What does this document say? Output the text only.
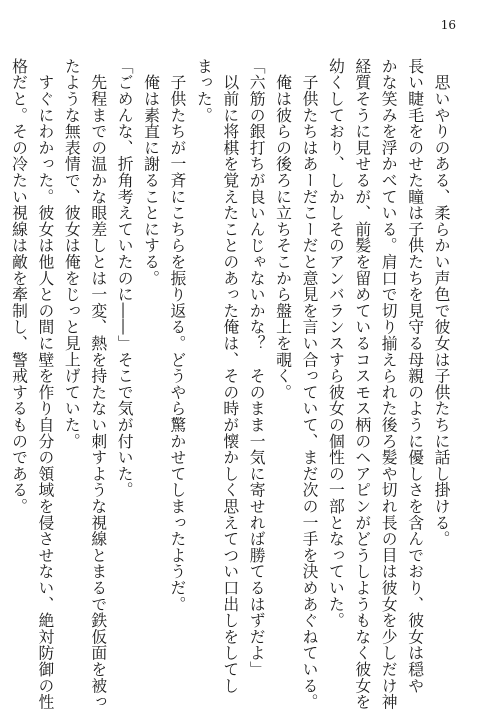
16
　思いやりのある、柔らかい声色で彼女は子供たちに話し掛ける。
長い睫毛をのせた瞳は子供たちを見守る母親のように優しさを含んでおり、彼女は穏や
かな笑みを浮かべている。肩口で切り揃えられた後ろ髪や切れ長の目は彼女を少しだけ神
経質そうに見せるが、前髪を留めているコスモス柄のヘアピンがどうしようもなく彼女を
幼くしており、しかしそのアンバランスすら彼女の個性の一部となっていた。
　子供たちはあーだこーだと意見を言い合っていて、まだ次の一手を決めあぐねている。
　俺は彼らの後ろに立ちそこから盤上を覗く。
「六筋の銀打ちが良いんじゃないかな？　そのまま一気に寄せれば勝てるはずだよ」
　以前に将棋を覚えたことのあった俺は、その時が懐かしく思えてつい口出しをしてし
まった。
　子供たちが一斉にこちらを振り返る。どうやら驚かせてしまったようだ。
　俺は素直に謝ることにする。
「ごめんな、折角考えていたのに――」そこで気が付いた。
　先程までの温かな眼差しとは一変、熱を持たない刺すような視線とまるで鉄仮面を被っ
たような無表情で、彼女は俺をじっと見上げていた。
　すぐにわかった。彼女は他人との間に壁を作り自分の領域を侵させない、絶対防御の性
格だと。その冷たい視線は敵を牽制し、警戒するものである。
